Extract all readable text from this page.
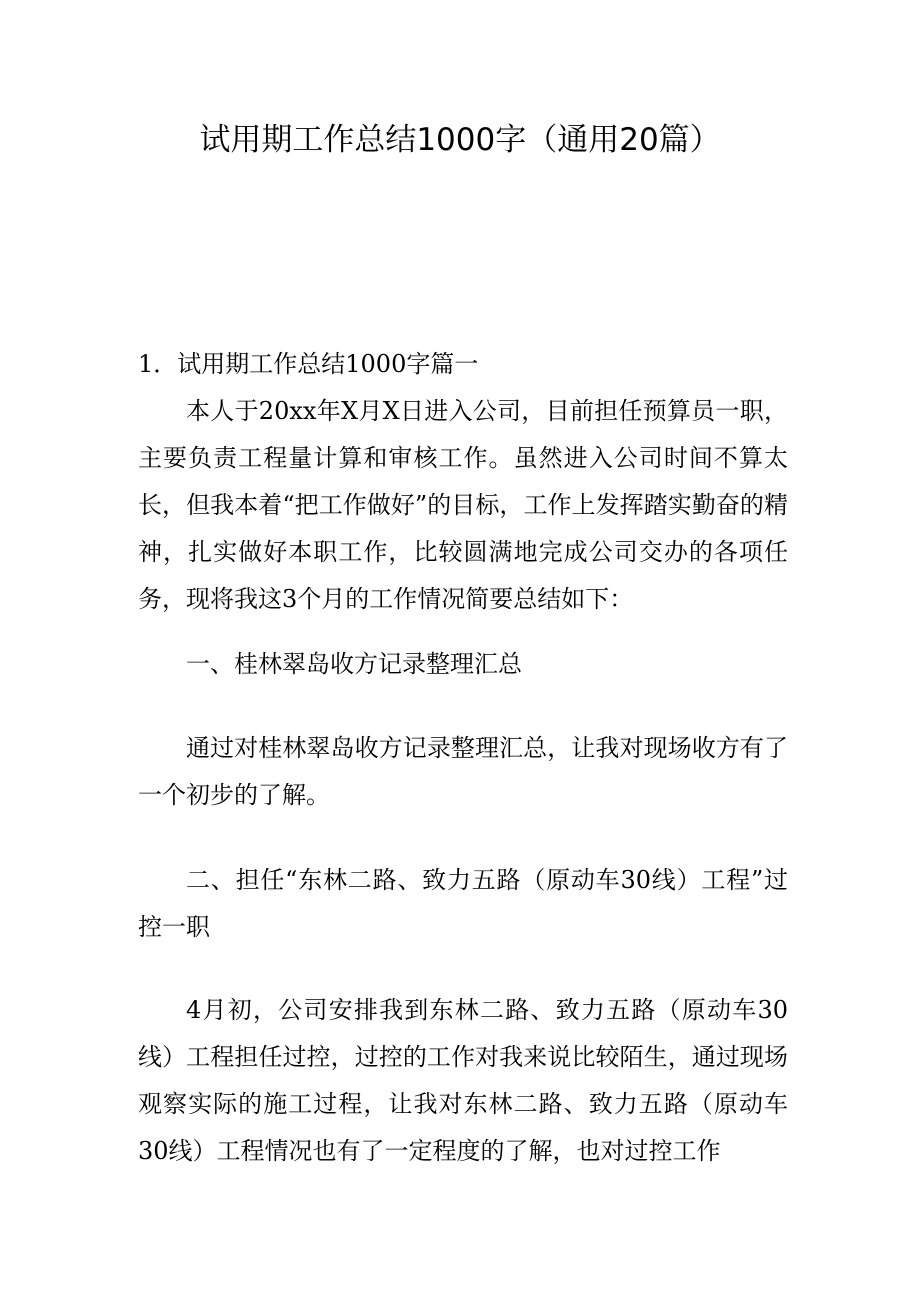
试用期工作总结1000字（通用20篇）
1．试用期工作总结1000字篇一

本人于20xx年X月X日进入公司，目前担任预算员一职，主要负责工程量计算和审核工作。虽然进入公司时间不算太长，但我本着“把工作做好”的目标，工作上发挥踏实勤奋的精神，扎实做好本职工作，比较圆满地完成公司交办的各项任务，现将我这3个月的工作情况简要总结如下：

一、桂林翠岛收方记录整理汇总

通过对桂林翠岛收方记录整理汇总，让我对现场收方有了一个初步的了解。

二、担任“东林二路、致力五路（原动车30线）工程”过控一职

4月初，公司安排我到东林二路、致力五路（原动车30线）工程担任过控，过控的工作对我来说比较陌生，通过现场观察实际的施工过程，让我对东林二路、致力五路（原动车30线）工程情况也有了一定程度的了解，也对过控工作
